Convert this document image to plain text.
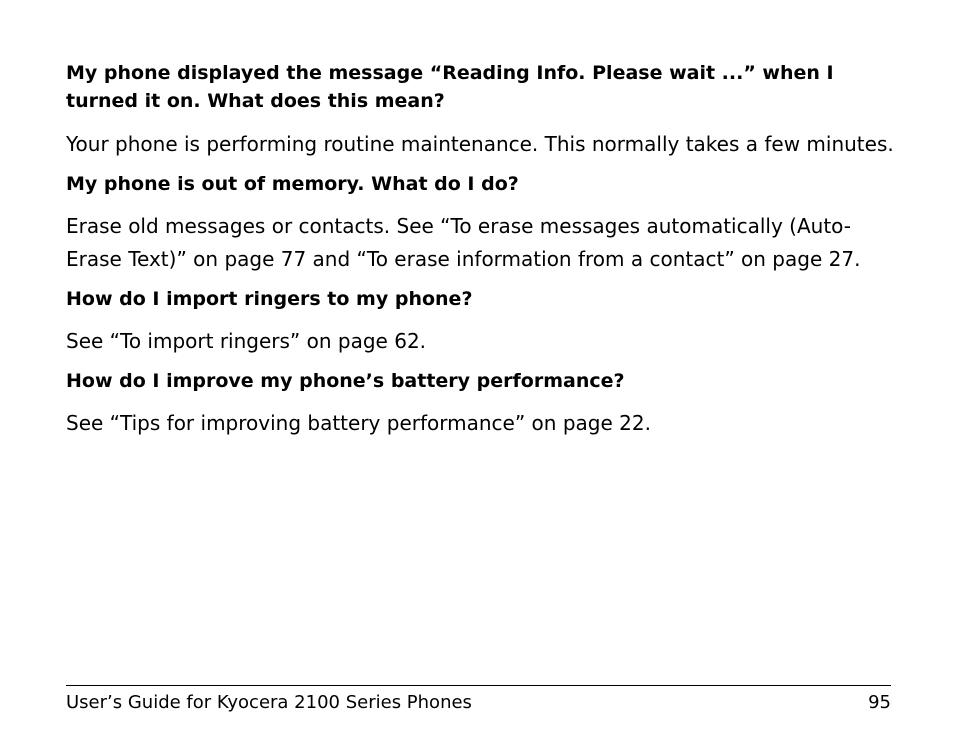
My phone displayed the message “Reading Info. Please wait ...” when I turned it on. What does this mean?

Your phone is performing routine maintenance. This normally takes a few minutes.

My phone is out of memory. What do I do?

Erase old messages or contacts. See “To erase messages automatically (Auto-Erase Text)” on page 77 and “To erase information from a contact” on page 27.

How do I import ringers to my phone?

See “To import ringers” on page 62.

How do I improve my phone’s battery performance?

See “Tips for improving battery performance” on page 22.

User’s Guide for Kyocera 2100 Series Phones	95
